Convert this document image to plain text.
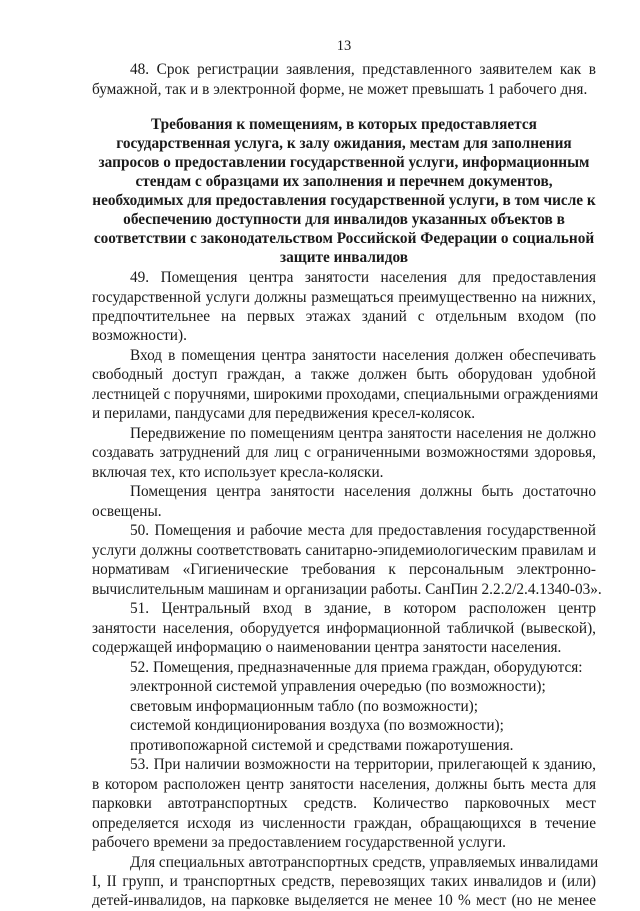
13
48. Срок регистрации заявления, представленного заявителем как в
бумажной, так и в электронной форме, не может превышать 1 рабочего дня.
Требования к помещениям, в которых предоставляется
государственная услуга, к залу ожидания, местам для заполнения
запросов о предоставлении государственной услуги, информационным
стендам с образцами их заполнения и перечнем документов,
необходимых для предоставления государственной услуги, в том числе к
обеспечению доступности для инвалидов указанных объектов в
соответствии с законодательством Российской Федерации о социальной
защите инвалидов
49. Помещения центра занятости населения для предоставления
государственной услуги должны размещаться преимущественно на нижних,
предпочтительнее на первых этажах зданий с отдельным входом (по
возможности).
Вход в помещения центра занятости населения должен обеспечивать
свободный доступ граждан, а также должен быть оборудован удобной
лестницей с поручнями, широкими проходами, специальными ограждениями
и перилами, пандусами для передвижения кресел-колясок.
Передвижение по помещениям центра занятости населения не должно
создавать затруднений для лиц с ограниченными возможностями здоровья,
включая тех, кто использует кресла-коляски.
Помещения центра занятости населения должны быть достаточно
освещены.
50. Помещения и рабочие места для предоставления государственной
услуги должны соответствовать санитарно-эпидемиологическим правилам и
нормативам «Гигиенические требования к персональным электронно-
вычислительным машинам и организации работы. СанПин 2.2.2/2.4.1340-03».
51. Центральный вход в здание, в котором расположен центр
занятости населения, оборудуется информационной табличкой (вывеской),
содержащей информацию о наименовании центра занятости населения.
52. Помещения, предназначенные для приема граждан, оборудуются:
электронной системой управления очередью (по возможности);
световым информационным табло (по возможности);
системой кондиционирования воздуха (по возможности);
противопожарной системой и средствами пожаротушения.
53. При наличии возможности на территории, прилегающей к зданию,
в котором расположен центр занятости населения, должны быть места для
парковки автотранспортных средств. Количество парковочных мест
определяется исходя из численности граждан, обращающихся в течение
рабочего времени за предоставлением государственной услуги.
Для специальных автотранспортных средств, управляемых инвалидами
I, II групп, и транспортных средств, перевозящих таких инвалидов и (или)
детей-инвалидов, на парковке выделяется не менее 10 % мест (но не менее
